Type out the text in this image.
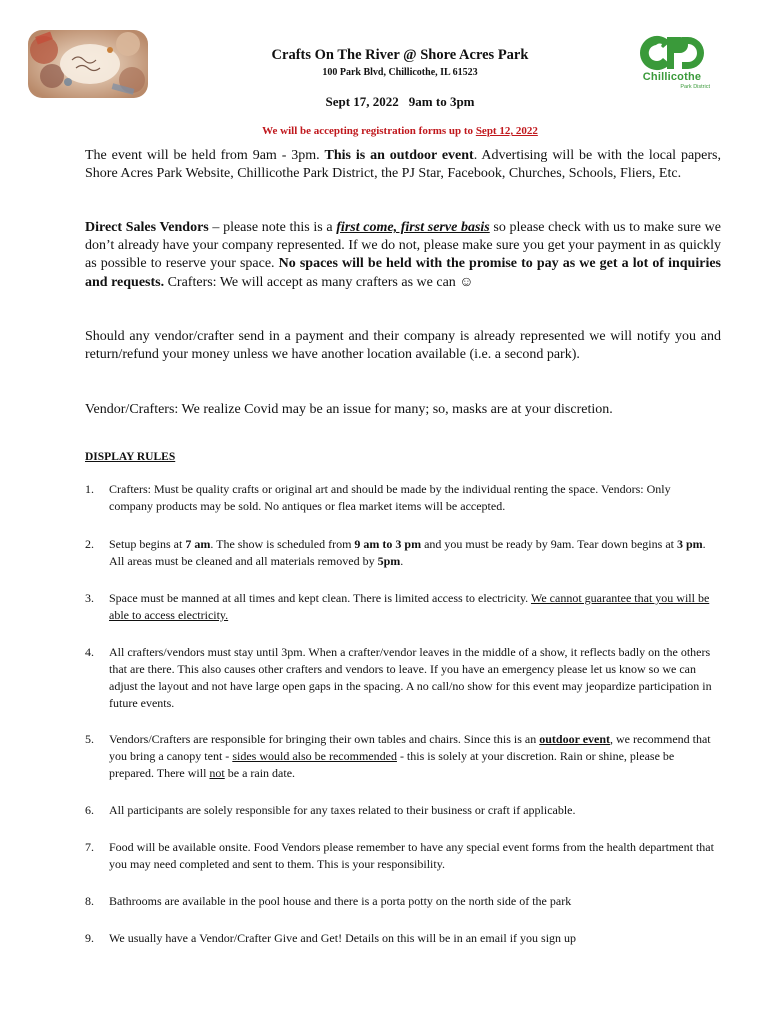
Chillicothe
Park District
Crafts On The River @ Shore Acres Park
100 Park Blvd, Chillicothe, IL 61523
Sept 17, 2022 9am to 3pm
We will be accepting registration forms up to Sept 12, 2022

The event will be held from 9am - 3pm. This is an outdoor event. Advertising will be with the local papers, Shore Acres Park Website, Chillicothe Park District, the PJ Star, Facebook, Churches, Schools, Fliers, Etc.

Direct Sales Vendors – please note this is a first come, first serve basis so please check with us to make sure we don’t already have your company represented. If we do not, please make sure you get your payment in as quickly as possible to reserve your space. No spaces will be held with the promise to pay as we get a lot of inquiries and requests. Crafters: We will accept as many crafters as we can ☺

Should any vendor/crafter send in a payment and their company is already represented we will notify you and return/refund your money unless we have another location available (i.e. a second park).

Vendor/Crafters: We realize Covid may be an issue for many; so, masks are at your discretion.

DISPLAY RULES
1.	Crafters: Must be quality crafts or original art and should be made by the individual renting the space. Vendors: Only company products may be sold. No antiques or flea market items will be accepted.
2.	Setup begins at 7 am. The show is scheduled from 9 am to 3 pm and you must be ready by 9am. Tear down begins at 3 pm. All areas must be cleaned and all materials removed by 5pm.
3.	Space must be manned at all times and kept clean. There is limited access to electricity. We cannot guarantee that you will be able to access electricity.
4.	All crafters/vendors must stay until 3pm. When a crafter/vendor leaves in the middle of a show, it reflects badly on the others that are there. This also causes other crafters and vendors to leave. If you have an emergency please let us know so we can adjust the layout and not have large open gaps in the spacing. A no call/no show for this event may jeopardize participation in future events.
5.	Vendors/Crafters are responsible for bringing their own tables and chairs. Since this is an outdoor event, we recommend that you bring a canopy tent - sides would also be recommended - this is solely at your discretion. Rain or shine, please be prepared. There will not be a rain date.
6.	All participants are solely responsible for any taxes related to their business or craft if applicable.
7.	Food will be available onsite. Food Vendors please remember to have any special event forms from the health department that you may need completed and sent to them. This is your responsibility.
8.	Bathrooms are available in the pool house and there is a porta potty on the north side of the park
9.	We usually have a Vendor/Crafter Give and Get! Details on this will be in an email if you sign up
